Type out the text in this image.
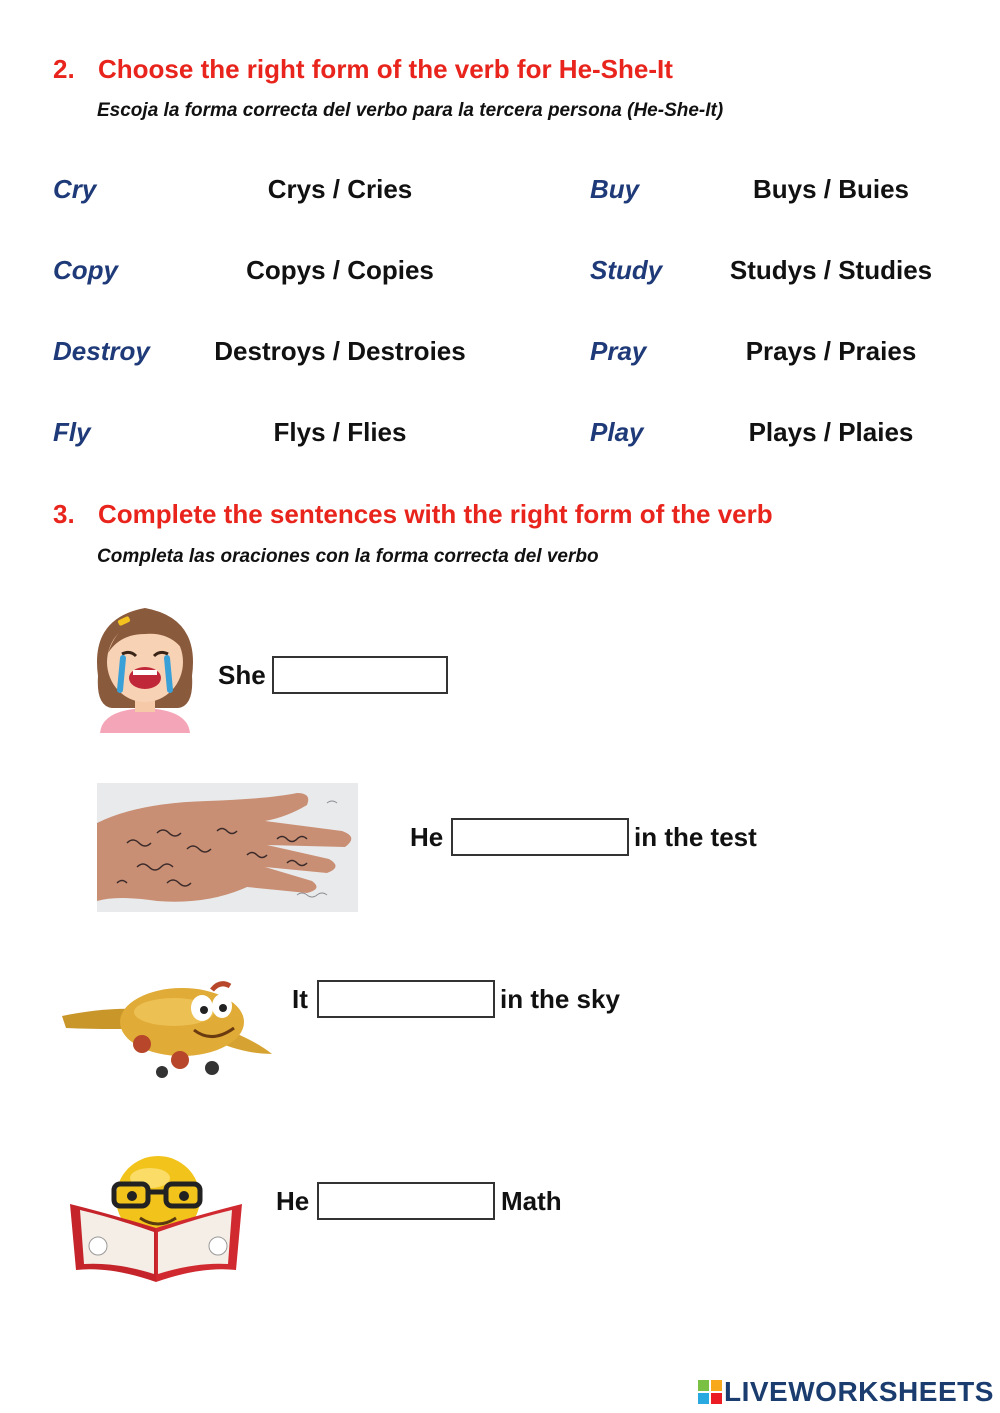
2. Choose the right form of the verb for He-She-It
Escoja la forma correcta del verbo para la tercera persona (He-She-It)
Cry	Crys / Cries
Copy	Copys / Copies
Destroy	Destroys / Destroies
Fly	Flys / Flies
Buy	Buys / Buies
Study	Studys / Studies
Pray	Prays / Praies
Play	Plays / Plaies
3. Complete the sentences with the right form of the verb
Completa las oraciones con la forma correcta del verbo
She
He	in the test
It	in the sky
He	Math
LIVEWORKSHEETS
